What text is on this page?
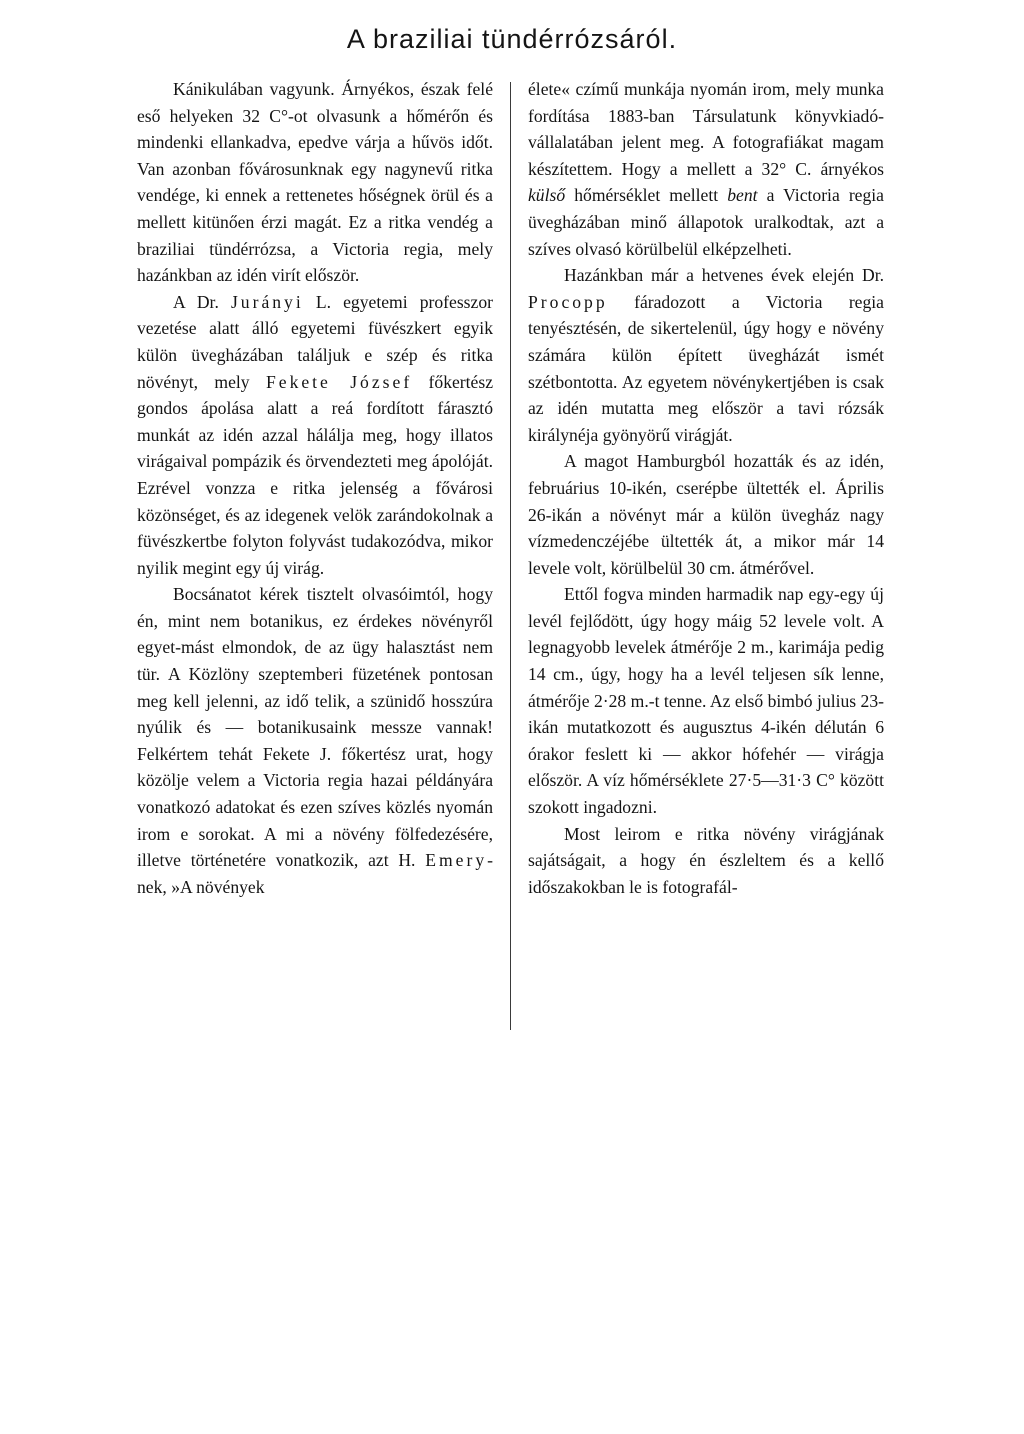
A braziliai tündérrózsáról.

Kánikulában vagyunk. Árnyékos, észak felé eső helyeken 32 C°-ot olvasunk a hőmérőn és mindenki ellankadva, epedve várja a hűvös időt. Van azonban fővárosunknak egy nagynevű ritka vendége, ki ennek a rettenetes hőségnek örül és a mellett kitünően érzi magát. Ez a ritka vendég a braziliai tündérrózsa, a Victoria regia, mely hazánkban az idén virít először.

A Dr. Jurányi L. egyetemi professzor vezetése alatt álló egyetemi füvészkert egyik külön üvegházában találjuk e szép és ritka növényt, mely Fekete József főkertész gondos ápolása alatt a reá fordított fárasztó munkát az idén azzal hálálja meg, hogy illatos virágaival pompázik és örvendezteti meg ápolóját. Ezrével vonzza e ritka jelenség a fővárosi közönséget, és az idegenek velök zarándokolnak a füvészkertbe folyton folyvást tudakozódva, mikor nyilik megint egy új virág.

Bocsánatot kérek tisztelt olvasóimtól, hogy én, mint nem botanikus, ez érdekes növényről egyet-mást elmondok, de az ügy halasztást nem tür. A Közlöny szeptemberi füzetének pontosan meg kell jelenni, az idő telik, a szünidő hosszúra nyúlik és — botanikusaink messze vannak! Felkértem tehát Fekete J. főkertész urat, hogy közölje velem a Victoria regia hazai példányára vonatkozó adatokat és ezen szíves közlés nyomán irom e sorokat. A mi a növény fölfedezésére, illetve történetére vonatkozik, azt H. Emery-nek, »A növények

élete« czímű munkája nyomán irom, mely munka fordítása 1883-ban Társulatunk könyvkiadó-vállalatában jelent meg. A fotografiákat magam készítettem. Hogy a mellett a 32° C. árnyékos külső hőmérséklet mellett bent a Victoria regia üvegházában minő állapotok uralkodtak, azt a szíves olvasó körülbelül elképzelheti.

Hazánkban már a hetvenes évek elején Dr. Procopp fáradozott a Victoria regia tenyésztésén, de sikertelenül, úgy hogy e növény számára külön épített üvegházát ismét szétbontotta. Az egyetem növénykertjében is csak az idén mutatta meg először a tavi rózsák királynéja gyönyörű virágját.

A magot Hamburgból hozatták és az idén, februárius 10-ikén, cserépbe ültették el. Április 26-ikán a növényt már a külön üvegház nagy vízmedenczéjébe ültették át, a mikor már 14 levele volt, körülbelül 30 cm. átmérővel.

Ettől fogva minden harmadik nap egy-egy új levél fejlődött, úgy hogy máig 52 levele volt. A legnagyobb levelek átmérője 2 m., karimája pedig 14 cm., úgy, hogy ha a levél teljesen sík lenne, átmérője 2·28 m.-t tenne. Az első bimbó julius 23-ikán mutatkozott és augusztus 4-ikén délután 6 órakor feslett ki — akkor hófehér — virágja először. A víz hőmérséklete 27·5—31·3 C° között szokott ingadozni.

Most leirom e ritka növény virágjának sajátságait, a hogy én észleltem és a kellő időszakokban le is fotografál-
